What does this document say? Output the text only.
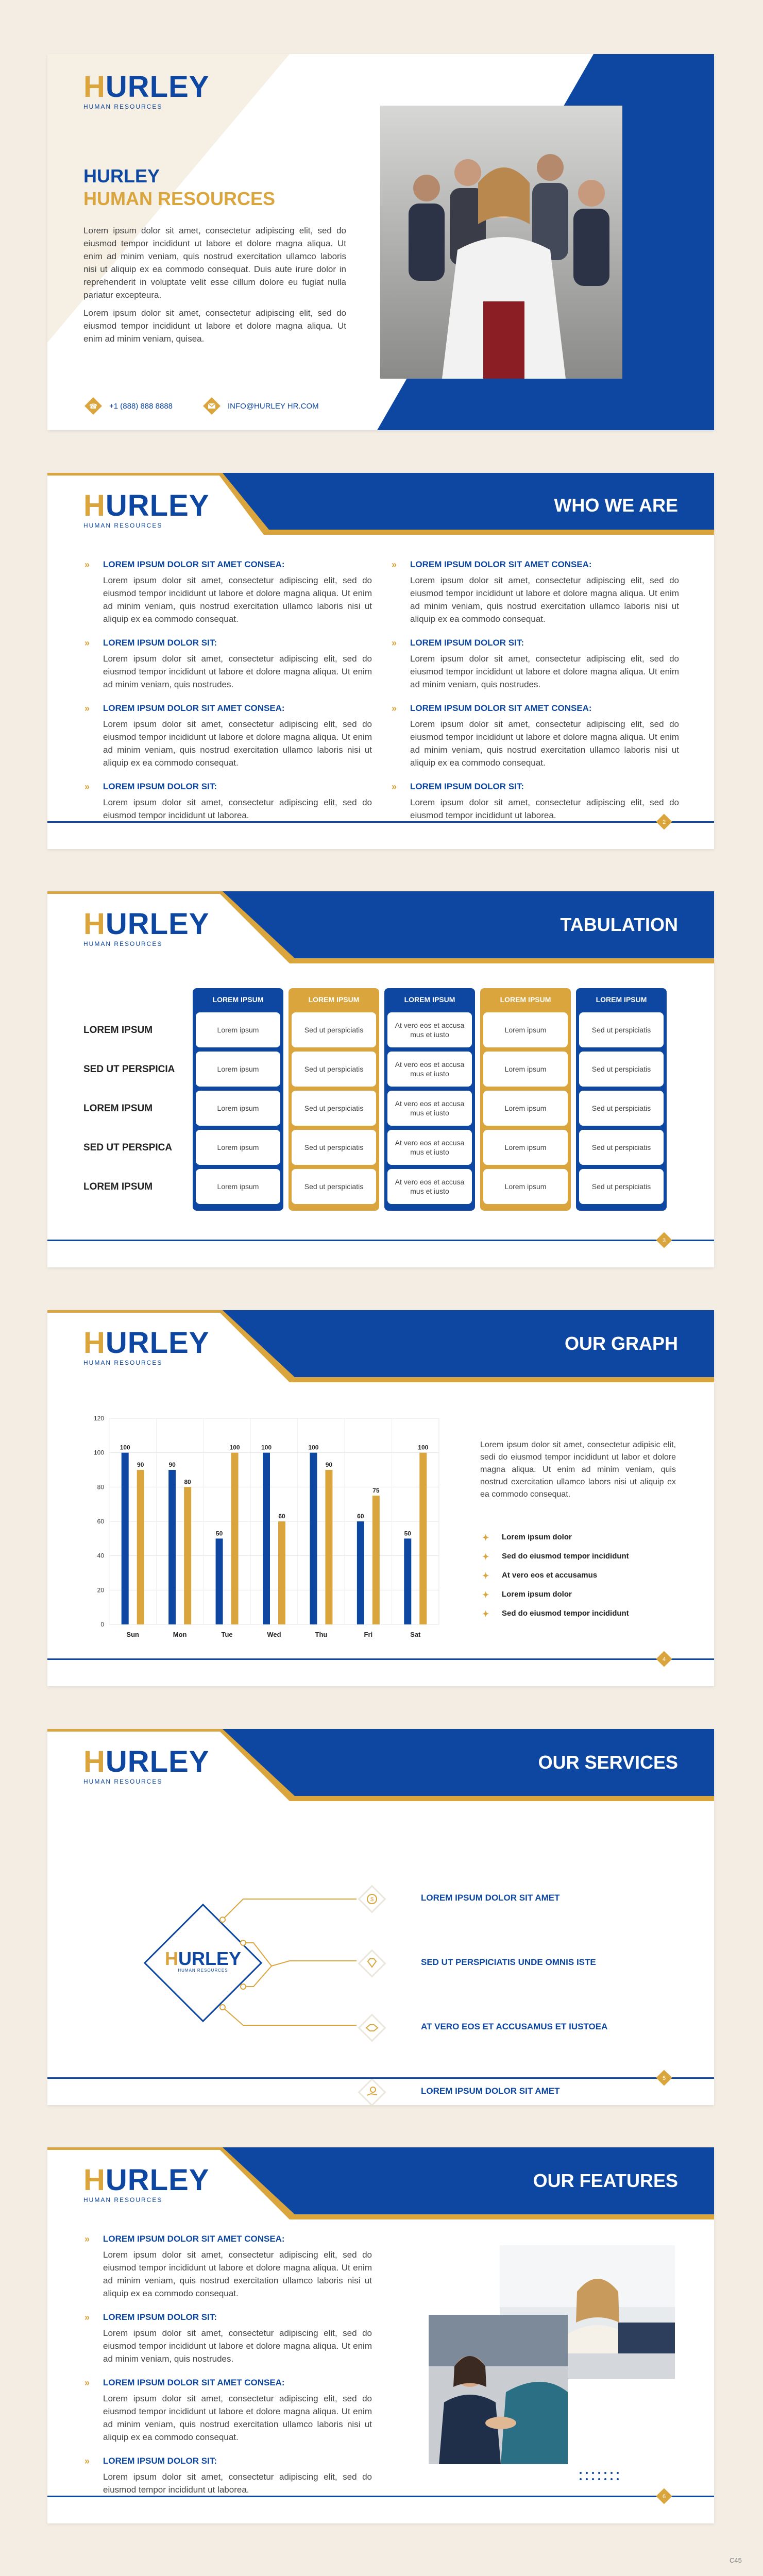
HURLEY
HUMAN RESOURCES
HURLEY
HUMAN RESOURCES
Lorem ipsum dolor sit amet, consectetur adipiscing elit, sed do eiusmod tempor incididunt ut labore et dolore magna aliqua. Ut enim ad minim veniam, quis nostrud exercitation ullamco laboris nisi ut aliquip ex ea commodo consequat. Duis aute irure dolor in reprehenderit in voluptate velit esse cillum dolore eu fugiat nulla pariatur excepteura.
Lorem ipsum dolor sit amet, consectetur adipiscing elit, sed do eiusmod tempor incididunt ut labore et dolore magna aliqua. Ut enim ad minim veniam, quisea.
☎ +1 (888) 888 8888	INFO@HURLEY HR.COM
WHO WE ARE
HURLEY
HUMAN RESOURCES
» LOREM IPSUM DOLOR SIT AMET CONSEA:
Lorem ipsum dolor sit amet, consectetur adipiscing elit, sed do eiusmod tempor incididunt ut labore et dolore magna aliqua. Ut enim ad minim veniam, quis nostrud exercitation ullamco laboris nisi ut aliquip ex ea commodo consequat.
» LOREM IPSUM DOLOR SIT:
Lorem ipsum dolor sit amet, consectetur adipiscing elit, sed do eiusmod tempor incididunt ut labore et dolore magna aliqua. Ut enim ad minim veniam, quis nostrudes.
» LOREM IPSUM DOLOR SIT AMET CONSEA:
Lorem ipsum dolor sit amet, consectetur adipiscing elit, sed do eiusmod tempor incididunt ut labore et dolore magna aliqua. Ut enim ad minim veniam, quis nostrud exercitation ullamco laboris nisi ut aliquip ex ea commodo consequat.
» LOREM IPSUM DOLOR SIT:
Lorem ipsum dolor sit amet, consectetur adipiscing elit, sed do eiusmod tempor incididunt ut laborea.
» LOREM IPSUM DOLOR SIT AMET CONSEA:
Lorem ipsum dolor sit amet, consectetur adipiscing elit, sed do eiusmod tempor incididunt ut labore et dolore magna aliqua. Ut enim ad minim veniam, quis nostrud exercitation ullamco laboris nisi ut aliquip ex ea commodo consequat.
» LOREM IPSUM DOLOR SIT:
Lorem ipsum dolor sit amet, consectetur adipiscing elit, sed do eiusmod tempor incididunt ut labore et dolore magna aliqua. Ut enim ad minim veniam, quis nostrudes.
» LOREM IPSUM DOLOR SIT AMET CONSEA:
Lorem ipsum dolor sit amet, consectetur adipiscing elit, sed do eiusmod tempor incididunt ut labore et dolore magna aliqua. Ut enim ad minim veniam, quis nostrud exercitation ullamco laboris nisi ut aliquip ex ea commodo consequat.
» LOREM IPSUM DOLOR SIT:
Lorem ipsum dolor sit amet, consectetur adipiscing elit, sed do eiusmod tempor incididunt ut laborea.
2
TABULATION
HURLEY
HUMAN RESOURCES
LOREM IPSUM
Lorem ipsum
Lorem ipsum
Lorem ipsum
Lorem ipsum
Lorem ipsum
LOREM IPSUM
Sed ut perspiciatis
Sed ut perspiciatis
Sed ut perspiciatis
Sed ut perspiciatis
Sed ut perspiciatis
LOREM IPSUM
At vero eos et accusa mus et iusto
At vero eos et accusa mus et iusto
At vero eos et accusa mus et iusto
At vero eos et accusa mus et iusto
At vero eos et accusa mus et iusto
LOREM IPSUM
Lorem ipsum
Lorem ipsum
Lorem ipsum
Lorem ipsum
Lorem ipsum
LOREM IPSUM
Sed ut perspiciatis
Sed ut perspiciatis
Sed ut perspiciatis
Sed ut perspiciatis
Sed ut perspiciatis
LOREM IPSUM
SED UT PERSPICIA
LOREM IPSUM
SED UT PERSPICA
LOREM IPSUM
3
OUR GRAPH
HURLEY
HUMAN RESOURCES
0
20
40
60
80
100
120
100
90
Sun
90
80
Mon
50
100
Tue
100
60
Wed
100
90
Thu
60
75
Fri
50
100
Sat
Lorem ipsum dolor sit amet, consectetur adipisic elit, sedi do eiusmod tempor incididunt ut labor et dolore magna aliqua. Ut enim ad minim veniam, quis nostrud exercitation ullamco labors nisi ut aliquip ex ea commodo consequat.
✦ Lorem ipsum dolor
✦ Sed do eiusmod tempor incididunt
✦ At vero eos et accusamus
✦ Lorem ipsum dolor
✦ Sed do eiusmod tempor incididunt
4
OUR SERVICES
HURLEY
HUMAN RESOURCES
HURLEY
HUMAN RESOURCES
$	LOREM IPSUM DOLOR SIT AMET
SED UT PERSPICIATIS UNDE OMNIS ISTE
AT VERO EOS ET ACCUSAMUS ET IUSTOEA
LOREM IPSUM DOLOR SIT AMET
5
OUR FEATURES
HURLEY
HUMAN RESOURCES
» LOREM IPSUM DOLOR SIT AMET CONSEA:
Lorem ipsum dolor sit amet, consectetur adipiscing elit, sed do eiusmod tempor incididunt ut labore et dolore magna aliqua. Ut enim ad minim veniam, quis nostrud exercitation ullamco laboris nisi ut aliquip ex ea commodo consequat.
» LOREM IPSUM DOLOR SIT:
Lorem ipsum dolor sit amet, consectetur adipiscing elit, sed do eiusmod tempor incididunt ut labore et dolore magna aliqua. Ut enim ad minim veniam, quis nostrudes.
» LOREM IPSUM DOLOR SIT AMET CONSEA:
Lorem ipsum dolor sit amet, consectetur adipiscing elit, sed do eiusmod tempor incididunt ut labore et dolore magna aliqua. Ut enim ad minim veniam, quis nostrud exercitation ullamco laboris nisi ut aliquip ex ea commodo consequat.
» LOREM IPSUM DOLOR SIT:
Lorem ipsum dolor sit amet, consectetur adipiscing elit, sed do eiusmod tempor incididunt ut laborea.
6
C45
